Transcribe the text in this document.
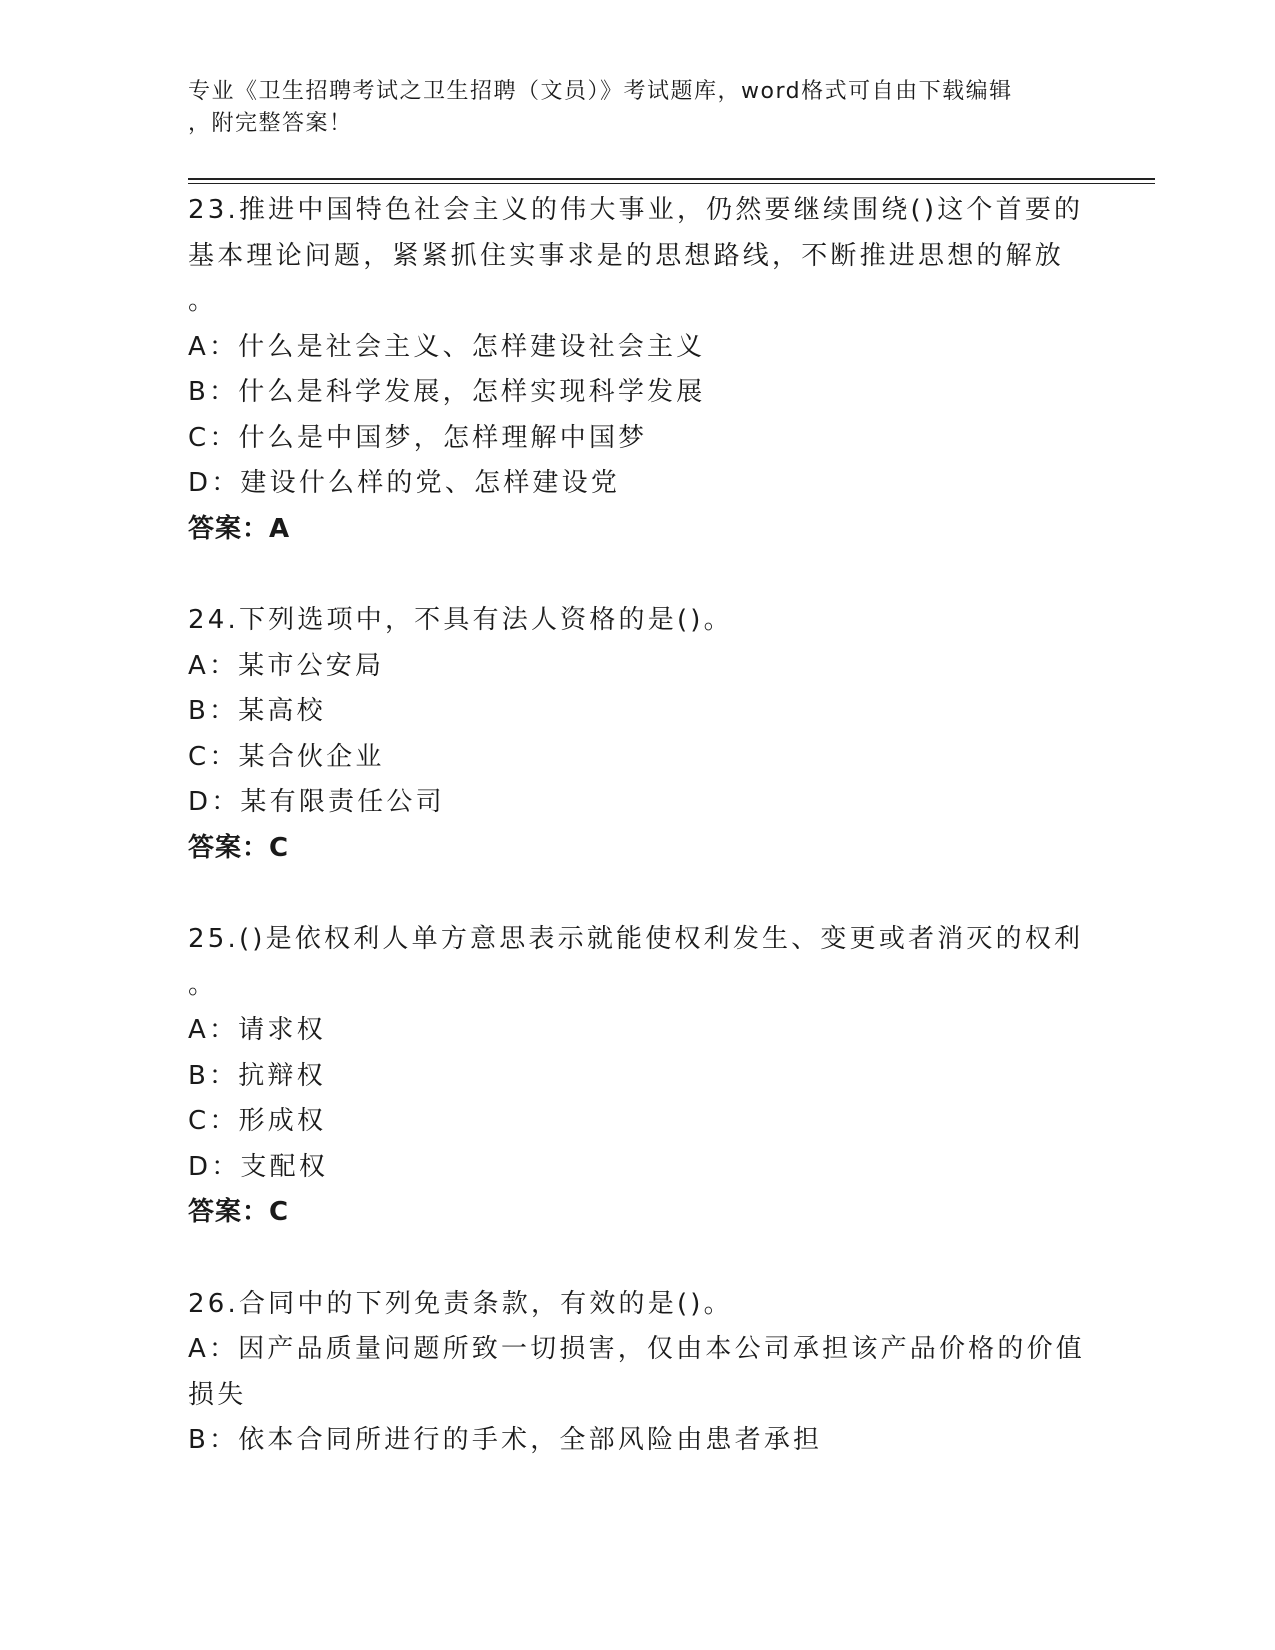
专业《卫生招聘考试之卫生招聘（文员）》考试题库，word格式可自由下载编辑
，附完整答案！
23.推进中国特色社会主义的伟大事业，仍然要继续围绕()这个首要的
基本理论问题，紧紧抓住实事求是的思想路线，不断推进思想的解放
。
A：什么是社会主义、怎样建设社会主义
B：什么是科学发展，怎样实现科学发展
C：什么是中国梦，怎样理解中国梦
D：建设什么样的党、怎样建设党
答案：A
24.下列选项中，不具有法人资格的是()。
A：某市公安局
B：某高校
C：某合伙企业
D：某有限责任公司
答案：C
25.()是依权利人单方意思表示就能使权利发生、变更或者消灭的权利
。
A：请求权
B：抗辩权
C：形成权
D：支配权
答案：C
26.合同中的下列免责条款，有效的是()。
A：因产品质量问题所致一切损害，仅由本公司承担该产品价格的价值
损失
B：依本合同所进行的手术，全部风险由患者承担
